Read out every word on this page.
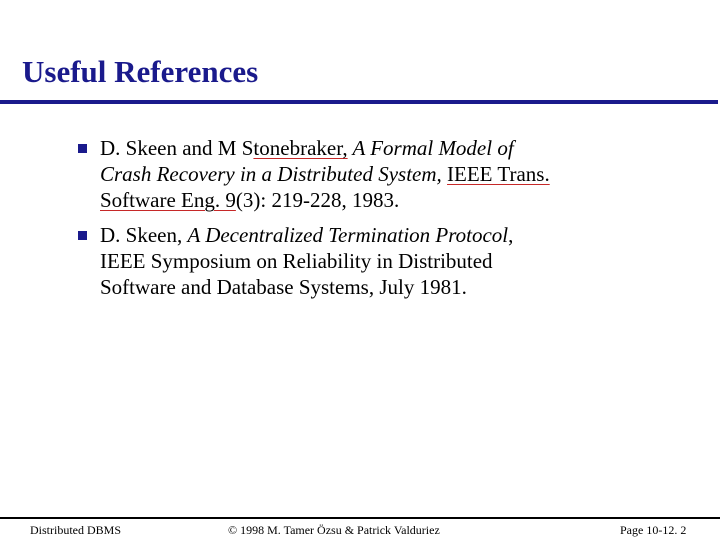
Useful References
D. Skeen and M Stonebraker, A Formal Model of
Crash Recovery in a Distributed System, IEEE Trans.
Software Eng. 9(3): 219-228, 1983.
D. Skeen, A Decentralized Termination Protocol,
IEEE Symposium on Reliability in Distributed
Software and Database Systems, July 1981.
Distributed DBMS	© 1998 M. Tamer Özsu & Patrick Valduriez	Page 10-12. 2
